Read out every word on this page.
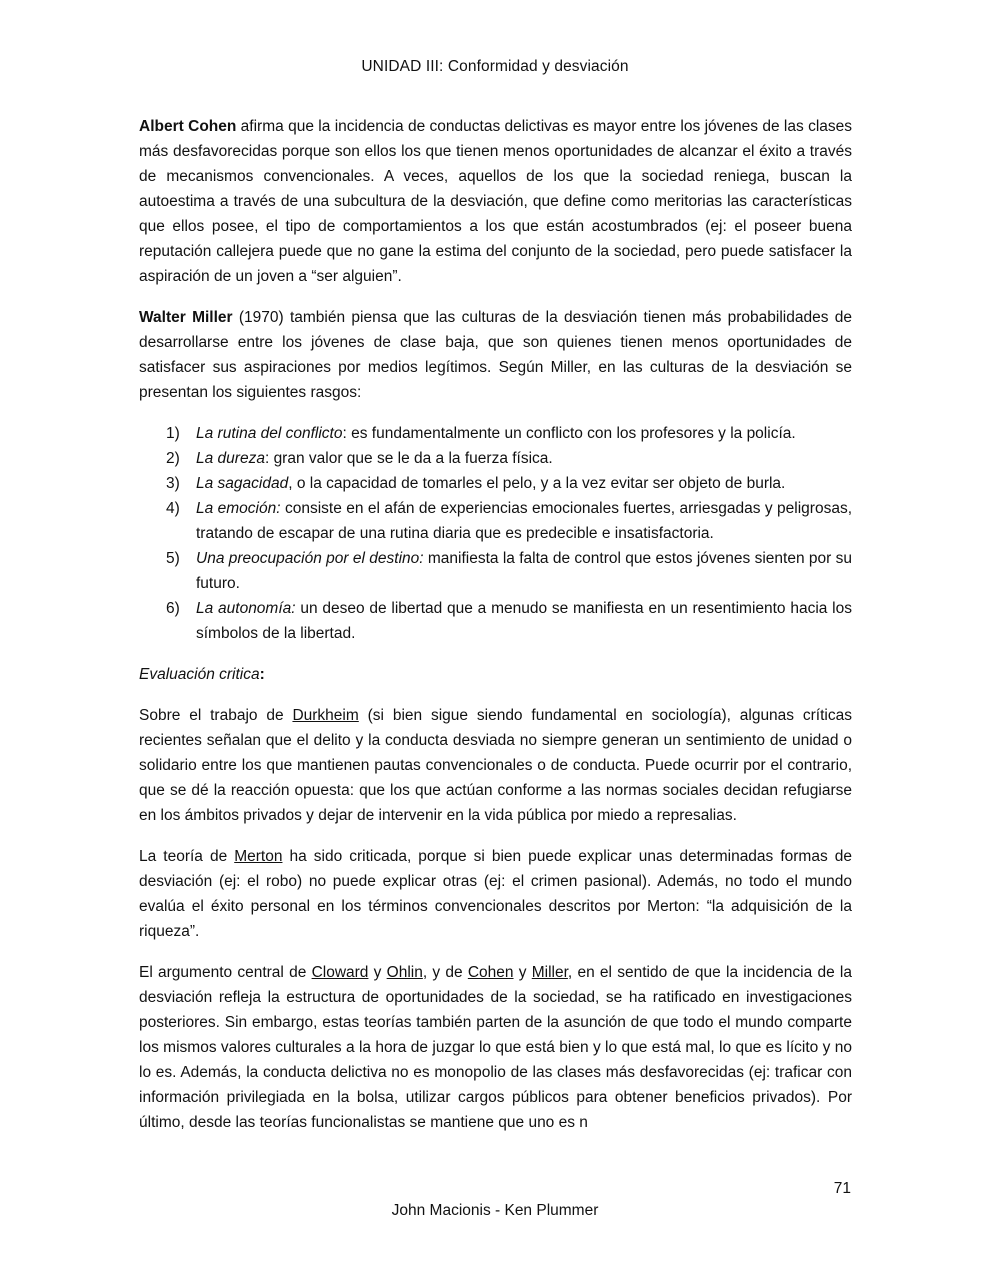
UNIDAD III: Conformidad y desviación

Albert Cohen afirma que la incidencia de conductas delictivas es mayor entre los jóvenes de las clases más desfavorecidas porque son ellos los que tienen menos oportunidades de alcanzar el éxito a través de mecanismos convencionales. A veces, aquellos de los que la sociedad reniega, buscan la autoestima a través de una subcultura de la desviación, que define como meritorias las características que ellos posee, el tipo de comportamientos a los que están acostumbrados (ej: el poseer buena reputación callejera puede que no gane la estima del conjunto de la sociedad, pero puede satisfacer la aspiración de un joven a “ser alguien”.

Walter Miller (1970) también piensa que las culturas de la desviación tienen más probabilidades de desarrollarse entre los jóvenes de clase baja, que son quienes tienen menos oportunidades de satisfacer sus aspiraciones por medios legítimos. Según Miller, en las culturas de la desviación se presentan los siguientes rasgos:

1) La rutina del conflicto: es fundamentalmente un conflicto con los profesores y la policía.
2) La dureza: gran valor que se le da a la fuerza física.
3) La sagacidad, o la capacidad de tomarles el pelo, y a la vez evitar ser objeto de burla.
4) La emoción: consiste en el afán de experiencias emocionales fuertes, arriesgadas y peligrosas, tratando de escapar de una rutina diaria que es predecible e insatisfactoria.
5) Una preocupación por el destino: manifiesta la falta de control que estos jóvenes sienten por su futuro.
6) La autonomía: un deseo de libertad que a menudo se manifiesta en un resentimiento hacia los símbolos de la libertad.

Evaluación critica:

Sobre el trabajo de Durkheim (si bien sigue siendo fundamental en sociología), algunas críticas recientes señalan que el delito y la conducta desviada no siempre generan un sentimiento de unidad o solidario entre los que mantienen pautas convencionales o de conducta. Puede ocurrir por el contrario, que se dé la reacción opuesta: que los que actúan conforme a las normas sociales decidan refugiarse en los ámbitos privados y dejar de intervenir en la vida pública por miedo a represalias.

La teoría de Merton ha sido criticada, porque si bien puede explicar unas determinadas formas de desviación (ej: el robo) no puede explicar otras (ej: el crimen pasional). Además, no todo el mundo evalúa el éxito personal en los términos convencionales descritos por Merton: “la adquisición de la riqueza”.

El argumento central de Cloward y Ohlin, y de Cohen y Miller, en el sentido de que la incidencia de la desviación refleja la estructura de oportunidades de la sociedad, se ha ratificado en investigaciones posteriores. Sin embargo, estas teorías también parten de la asunción de que todo el mundo comparte los mismos valores culturales a la hora de juzgar lo que está bien y lo que está mal, lo que es lícito y no lo es. Además, la conducta delictiva no es monopolio de las clases más desfavorecidas (ej: traficar con información privilegiada en la bolsa, utilizar cargos públicos para obtener beneficios privados). Por último, desde las teorías funcionalistas se mantiene que uno es n

71
John Macionis - Ken Plummer
